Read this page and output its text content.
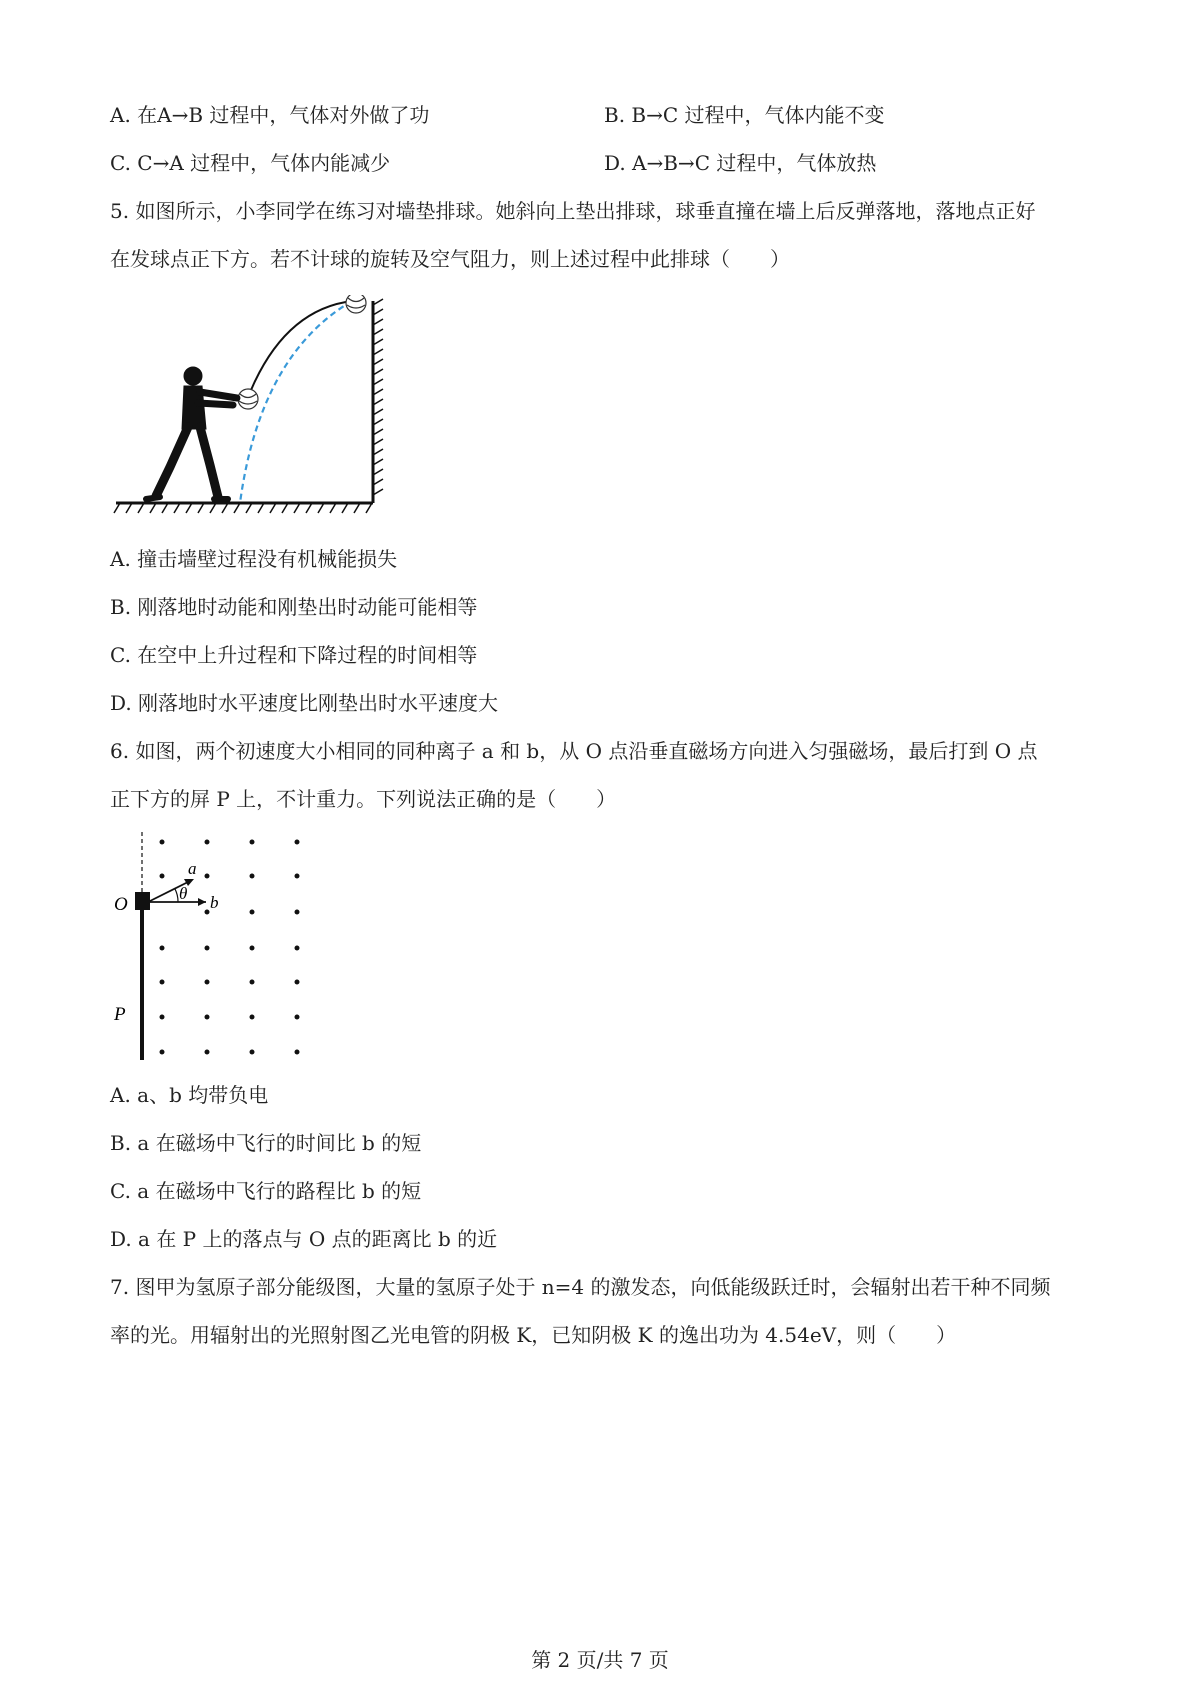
A. 在A→B 过程中，气体对外做了功	B. B→C 过程中，气体内能不变
C. C→A 过程中，气体内能减少	D. A→B→C 过程中，气体放热
5. 如图所示，小李同学在练习对墙垫排球。她斜向上垫出排球，球垂直撞在墙上后反弹落地，落地点正好
在发球点正下方。若不计球的旋转及空气阻力，则上述过程中此排球（　　）
A. 撞击墙壁过程没有机械能损失
B. 刚落地时动能和刚垫出时动能可能相等
C. 在空中上升过程和下降过程的时间相等
D. 刚落地时水平速度比刚垫出时水平速度大
6. 如图，两个初速度大小相同的同种离子 a 和 b，从 O 点沿垂直磁场方向进入匀强磁场，最后打到 O 点
正下方的屏 P 上，不计重力。下列说法正确的是（　　）
O
P
a
b
θ
A. a、b 均带负电
B. a 在磁场中飞行的时间比 b 的短
C. a 在磁场中飞行的路程比 b 的短
D. a 在 P 上的落点与 O 点的距离比 b 的近
7. 图甲为氢原子部分能级图，大量的氢原子处于 n=4 的激发态，向低能级跃迁时，会辐射出若干种不同频
率的光。用辐射出的光照射图乙光电管的阴极 K，已知阴极 K 的逸出功为 4.54eV，则（　　）
第 2 页/共 7 页
